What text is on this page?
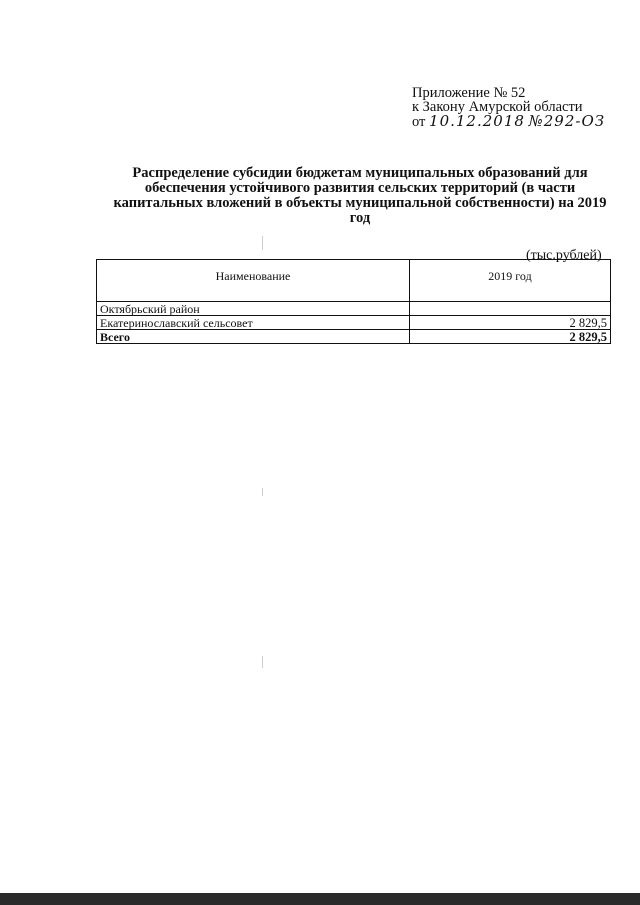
Приложение № 52
к Закону Амурской области
от 10.12.2018 №292-ОЗ
Распределение субсидии бюджетам муниципальных образований для обеспечения устойчивого развития сельских территорий (в части капитальных вложений в объекты муниципальной собственности) на 2019 год
(тыс.рублей)
Наименование	2019 год
Октябрьский район	
Екатеринославский сельсовет	2 829,5
Всего	2 829,5
